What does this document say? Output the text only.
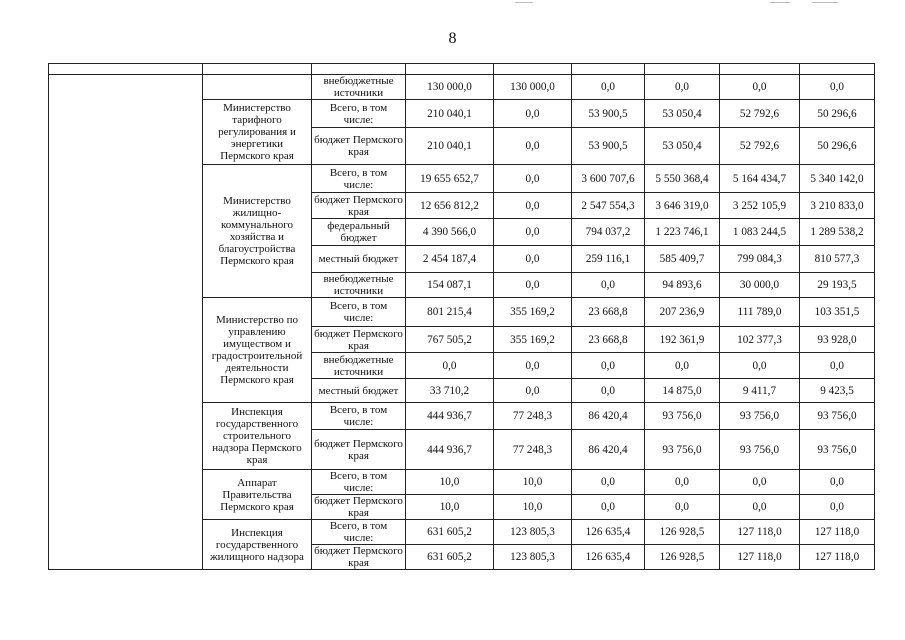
8

		внебюджетные источники	130 000,0	130 000,0	0,0	0,0	0,0	0,0
	Министерство тарифного регулирования и энергетики Пермского края	Всего, в том числе:	210 040,1	0,0	53 900,5	53 050,4	52 792,6	50 296,6
		бюджет Пермского края	210 040,1	0,0	53 900,5	53 050,4	52 792,6	50 296,6
	Министерство жилищно-коммунального хозяйства и благоустройства Пермского края	Всего, в том числе:	19 655 652,7	0,0	3 600 707,6	5 550 368,4	5 164 434,7	5 340 142,0
		бюджет Пермского края	12 656 812,2	0,0	2 547 554,3	3 646 319,0	3 252 105,9	3 210 833,0
		федеральный бюджет	4 390 566,0	0,0	794 037,2	1 223 746,1	1 083 244,5	1 289 538,2
		местный бюджет	2 454 187,4	0,0	259 116,1	585 409,7	799 084,3	810 577,3
		внебюджетные источники	154 087,1	0,0	0,0	94 893,6	30 000,0	29 193,5
	Министерство по управлению имуществом и градостроительной деятельности Пермского края	Всего, в том числе:	801 215,4	355 169,2	23 668,8	207 236,9	111 789,0	103 351,5
		бюджет Пермского края	767 505,2	355 169,2	23 668,8	192 361,9	102 377,3	93 928,0
		внебюджетные источники	0,0	0,0	0,0	0,0	0,0	0,0
		местный бюджет	33 710,2	0,0	0,0	14 875,0	9 411,7	9 423,5
	Инспекция государственного строительного надзора Пермского края	Всего, в том числе:	444 936,7	77 248,3	86 420,4	93 756,0	93 756,0	93 756,0
		бюджет Пермского края	444 936,7	77 248,3	86 420,4	93 756,0	93 756,0	93 756,0
	Аппарат Правительства Пермского края	Всего, в том числе:	10,0	10,0	0,0	0,0	0,0	0,0
		бюджет Пермского края	10,0	10,0	0,0	0,0	0,0	0,0
	Инспекция государственного жилищного надзора	Всего, в том числе:	631 605,2	123 805,3	126 635,4	126 928,5	127 118,0	127 118,0
		бюджет Пермского края	631 605,2	123 805,3	126 635,4	126 928,5	127 118,0	127 118,0
